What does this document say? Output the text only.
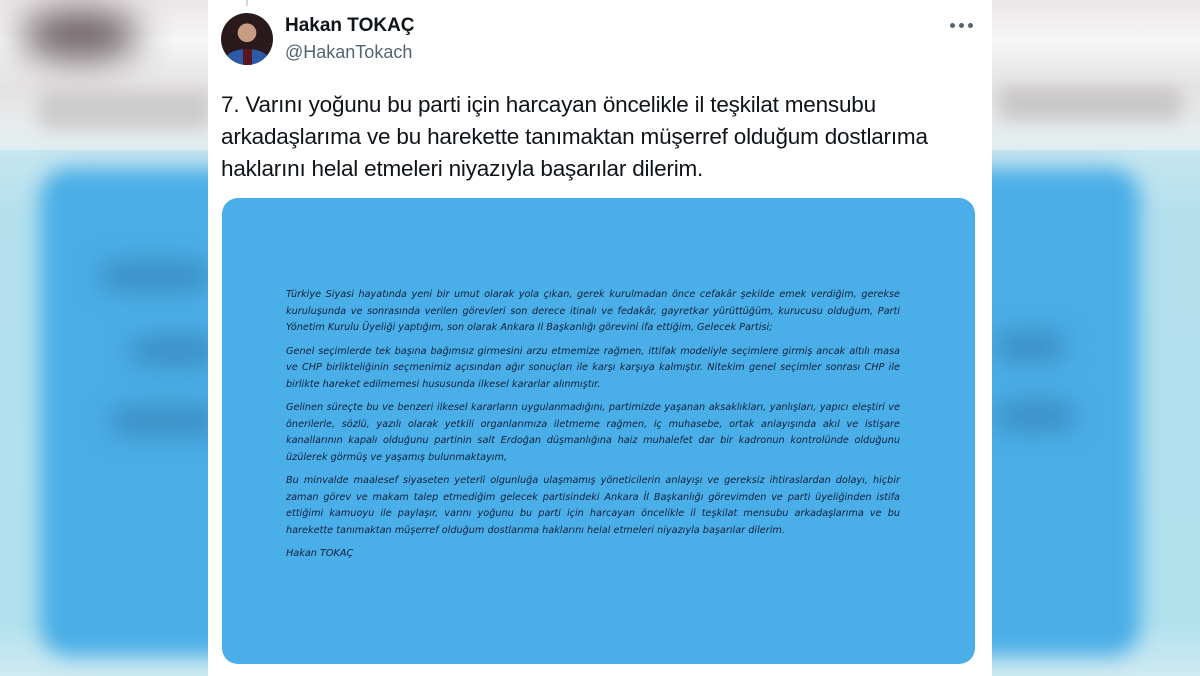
Hakan TOKAÇ
@HakanTokach
7. Varını yoğunu bu parti için harcayan öncelikle il teşkilat mensubu arkadaşlarıma ve bu harekette tanımaktan müşerref olduğum dostlarıma haklarını helal etmeleri niyazıyla başarılar dilerim.

Türkiye Siyasi hayatında yeni bir umut olarak yola çıkan, gerek kurulmadan önce cefakâr şekilde emek verdiğim, gerekse kuruluşunda ve sonrasında verilen görevleri son derece itinalı ve fedakâr, gayretkar yürüttüğüm, kurucusu olduğum, Parti Yönetim Kurulu Üyeliği yaptığım, son olarak Ankara Il Başkanlığı görevini ifa ettiğim, Gelecek Partisi;

Genel seçimlerde tek başına bağımsız girmesini arzu etmemize rağmen, ittifak modeliyle seçimlere girmiş ancak altılı masa ve CHP birlikteliğinin seçmenimiz açısından ağır sonuçları ile karşı karşıya kalmıştır. Nitekim genel seçimler sonrası CHP ile birlikte hareket edilmemesi hususunda ilkesel kararlar alınmıştır.

Gelinen süreçte bu ve benzeri ilkesel kararların uygulanmadığını, partimizde yaşanan aksaklıkları, yanlışları, yapıcı eleştiri ve önerilerle, sözlü, yazılı olarak yetkili organlarımıza iletmeme rağmen, iç muhasebe, ortak anlayışında akıl ve istişare kanallarının kapalı olduğunu partinin salt Erdoğan düşmanlığına haiz muhalefet dar bir kadronun kontrolünde olduğunu üzülerek görmüş ve yaşamış bulunmaktayım,

Bu minvalde maalesef siyaseten yeterli olgunluğa ulaşmamış yöneticilerin anlayışı ve gereksiz ihtiraslardan dolayı, hiçbir zaman görev ve makam talep etmediğim gelecek partisindeki Ankara İl Başkanlığı görevimden ve parti üyeliğinden istifa ettiğimi kamuoyu ile paylaşır, varını yoğunu bu parti için harcayan öncelikle il teşkilat mensubu arkadaşlarıma ve bu harekette tanımaktan müşerref olduğum dostlarıma haklarını helal etmeleri niyazıyla başarılar dilerim.

Hakan TOKAÇ
